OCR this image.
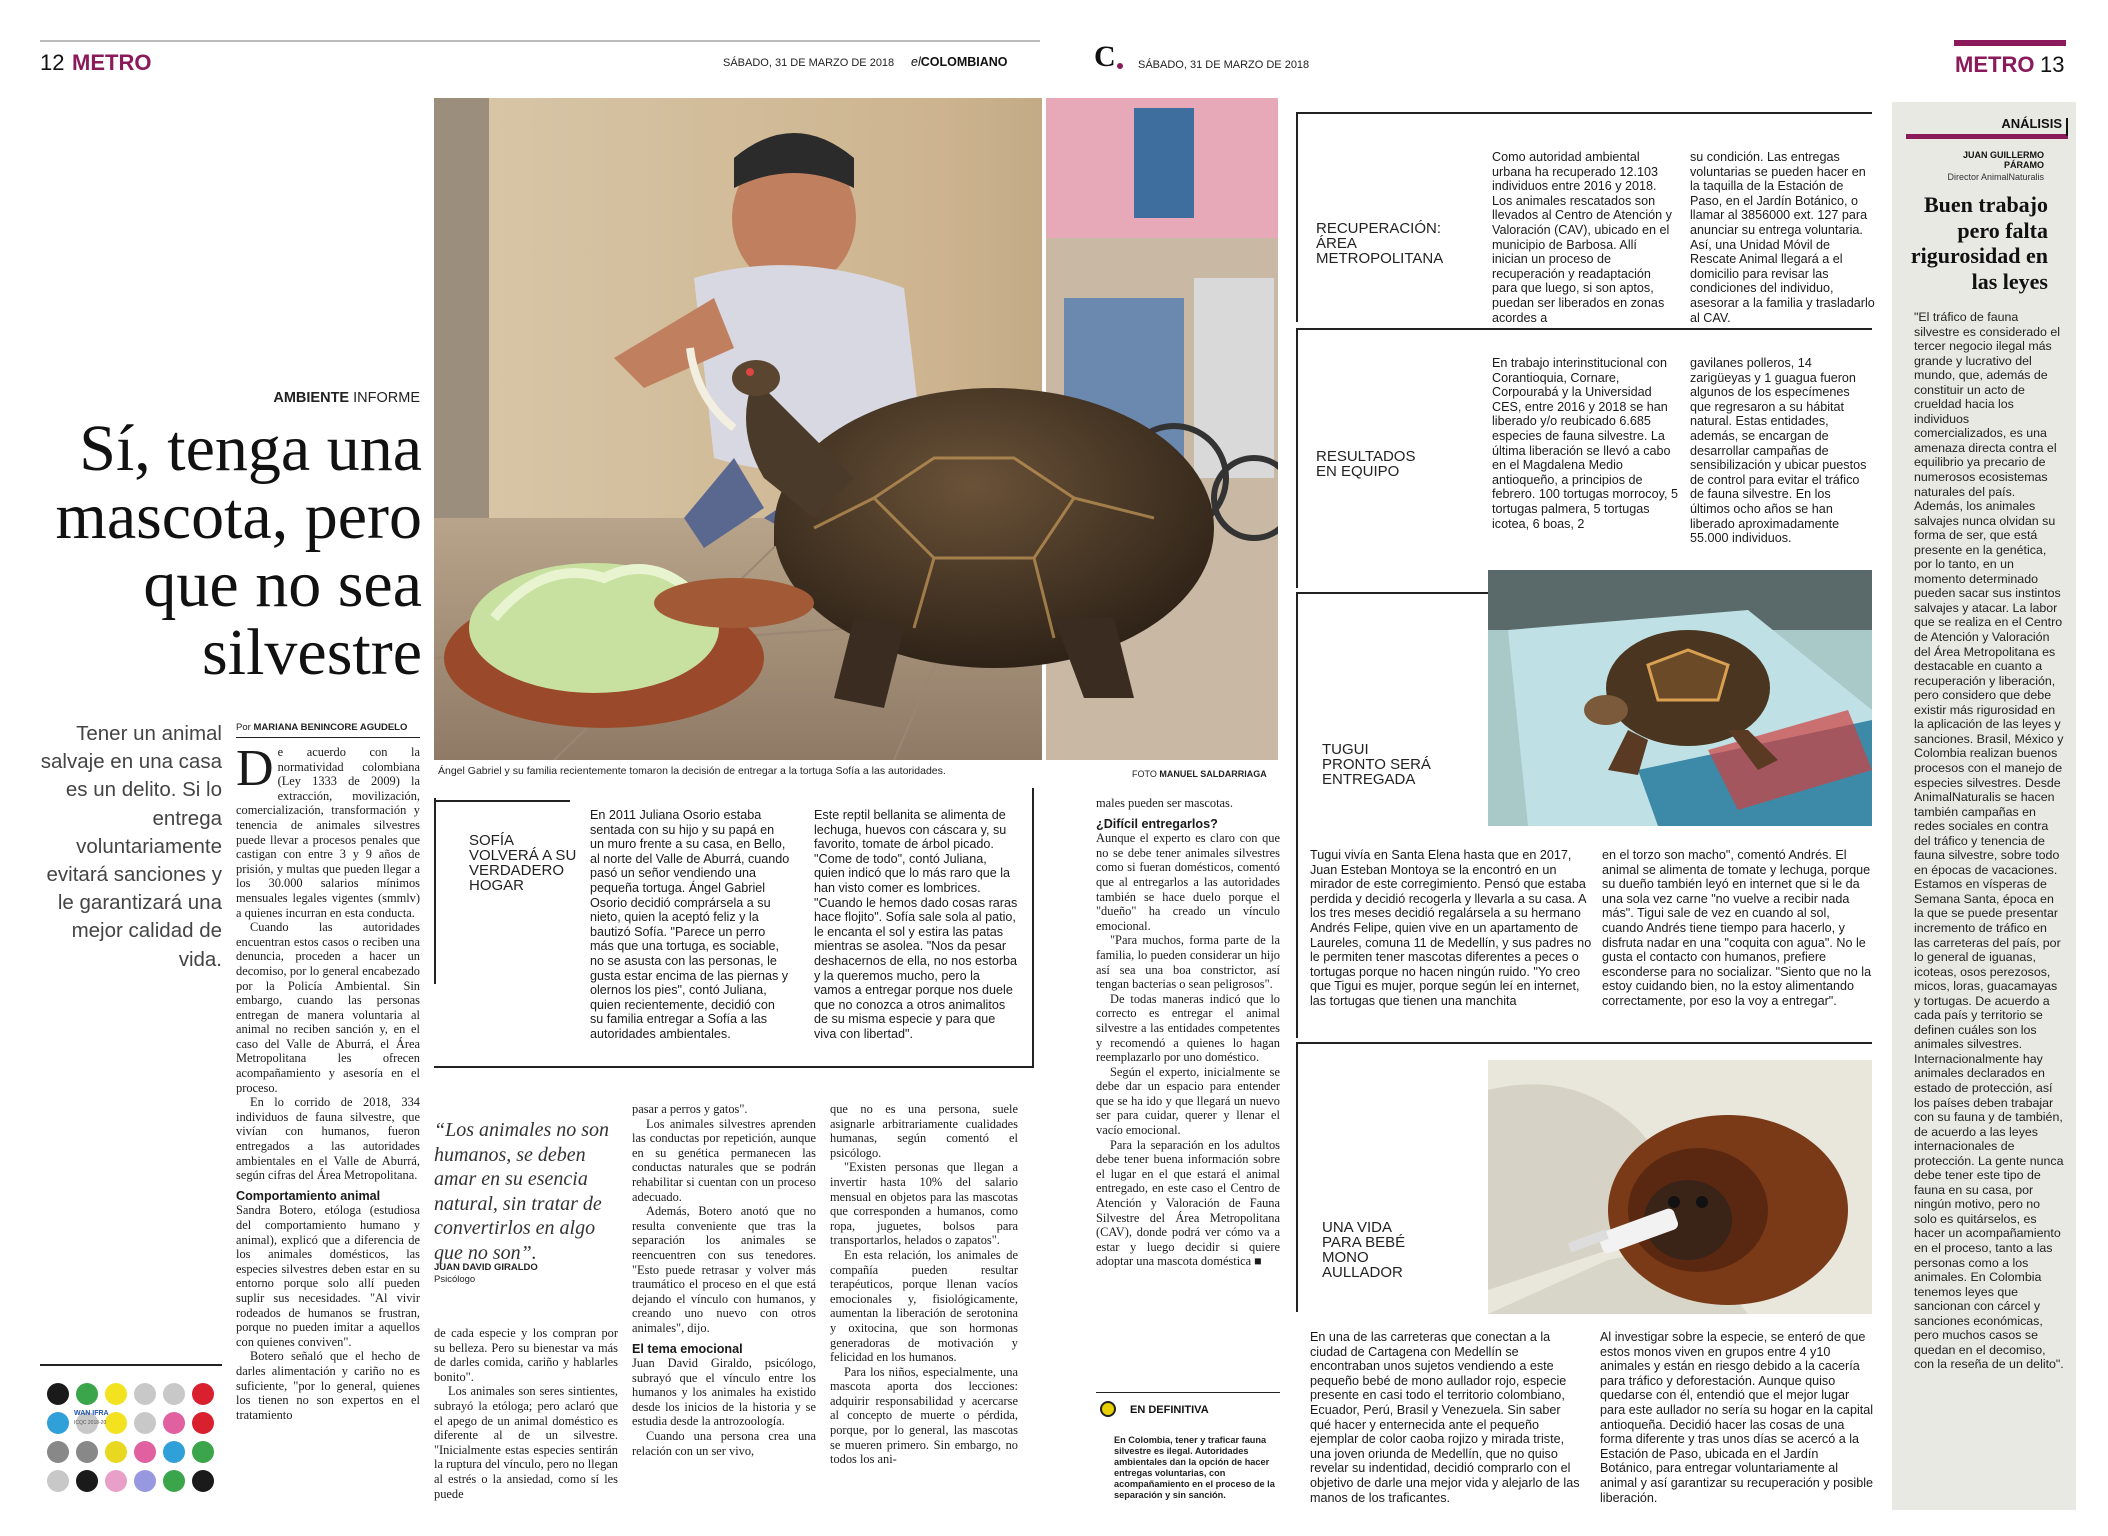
12 METRO	SÁBADO, 31 DE MARZO DE 2018 elCOLOMBIANO	C SÁBADO, 31 DE MARZO DE 2018	METRO 13
AMBIENTE INFORME
Sí, tenga una mascota, pero que no sea silvestre
Tener un animal salvaje en una casa es un delito. Si lo entrega voluntariamente evitará sanciones y le garantizará una mejor calidad de vida.
WAN IFRA
ICQC 2018-20
Ángel Gabriel y su familia recientemente tomaron la decisión de entregar a la tortuga Sofía a las autoridades.	FOTO MANUEL SALDARRIAGA
Por MARIANA BENINCORE AGUDELO
D e acuerdo con la normatividad colombiana (Ley 1333 de 2009) la extracción, movilización, comercialización, transformación y tenencia de animales silvestres puede llevar a procesos penales que castigan con entre 3 y 9 años de prisión, y multas que pueden llegar a los 30.000 salarios mínimos mensuales legales vigentes (smmlv) a quienes incurran en esta conducta.

Cuando las autoridades encuentran estos casos o reciben una denuncia, proceden a hacer un decomiso, por lo general encabezado por la Policía Ambiental. Sin embargo, cuando las personas entregan de manera voluntaria al animal no reciben sanción y, en el caso del Valle de Aburrá, el Área Metropolitana les ofrecen acompañamiento y asesoría en el proceso.

En lo corrido de 2018, 334 individuos de fauna silvestre, que vivían con humanos, fueron entregados a las autoridades ambientales en el Valle de Aburrá, según cifras del Área Metropolitana.

Comportamiento animal

Sandra Botero, etóloga (estudiosa del comportamiento humano y animal), explicó que a diferencia de los animales domésticos, las especies silvestres deben estar en su entorno porque solo allí pueden suplir sus necesidades. "Al vivir rodeados de humanos se frustran, porque no pueden imitar a aquellos con quienes conviven".

Botero señaló que el hecho de darles alimentación y cariño no es suficiente, "por lo general, quienes los tienen no son expertos en el tratamiento

SOFÍA VOLVERÁ A SU VERDADERO HOGAR
En 2011 Juliana Osorio estaba sentada con su hijo y su papá en un muro frente a su casa, en Bello, al norte del Valle de Aburrá, cuando pasó un señor vendiendo una pequeña tortuga. Ángel Gabriel Osorio decidió comprársela a su nieto, quien la aceptó feliz y la bautizó Sofía. "Parece un perro más que una tortuga, es sociable, no se asusta con las personas, le gusta estar encima de las piernas y olernos los pies", contó Juliana, quien recientemente, decidió con su familia entregar a Sofía a las autoridades ambientales.
Este reptil bellanita se alimenta de lechuga, huevos con cáscara y, su favorito, tomate de árbol picado. "Come de todo", contó Juliana, quien indicó que lo más raro que la han visto comer es lombrices. "Cuando le hemos dado cosas raras hace flojito". Sofía sale sola al patio, le encanta el sol y estira las patas mientras se asolea. "Nos da pesar deshacernos de ella, no nos estorba y la queremos mucho, pero la vamos a entregar porque nos duele que no conozca a otros animalitos de su misma especie y para que viva con libertad".
“Los animales no son humanos, se deben amar en su esencia natural, sin tratar de convertirlos en algo que no son”.
JUAN DAVID GIRALDO
Psicólogo

de cada especie y los compran por su belleza. Pero su bienestar va más de darles comida, cariño y hablarles bonito".

Los animales son seres sintientes, subrayó la etóloga; pero aclaró que el apego de un animal doméstico es diferente al de un silvestre. "Inicialmente estas especies sentirán la ruptura del vínculo, pero no llegan al estrés o la ansiedad, como sí les puede

pasar a perros y gatos".

Los animales silvestres aprenden las conductas por repetición, aunque en su genética permanecen las conductas naturales que se podrán rehabilitar si cuentan con un proceso adecuado.

Además, Botero anotó que no resulta conveniente que tras la separación los animales se reencuentren con sus tenedores. "Esto puede retrasar y volver más traumático el proceso en el que está dejando el vínculo con humanos, y creando uno nuevo con otros animales", dijo.

El tema emocional

Juan David Giraldo, psicólogo, subrayó que el vínculo entre los humanos y los animales ha existido desde los inicios de la historia y se estudia desde la antrozoología.

Cuando una persona crea una relación con un ser vivo,

que no es una persona, suele asignarle arbitrariamente cualidades humanas, según comentó el psicólogo.

"Existen personas que llegan a invertir hasta 10% del salario mensual en objetos para las mascotas que corresponden a humanos, como ropa, juguetes, bolsos para transportarlos, helados o zapatos".

En esta relación, los animales de compañía pueden resultar terapéuticos, porque llenan vacíos emocionales y, fisiológicamente, aumentan la liberación de serotonina y oxitocina, que son hormonas generadoras de motivación y felicidad en los humanos.

Para los niños, especialmente, una mascota aporta dos lecciones: adquirir responsabilidad y acercarse al concepto de muerte o pérdida, porque, por lo general, las mascotas se mueren primero. Sin embargo, no todos los ani-

males pueden ser mascotas.

¿Difícil entregarlos?

Aunque el experto es claro con que no se debe tener animales silvestres como si fueran domésticos, comentó que al entregarlos a las autoridades también se hace duelo porque el "dueño" ha creado un vínculo emocional.

"Para muchos, forma parte de la familia, lo pueden considerar un hijo así sea una boa constrictor, así tengan bacterias o sean peligrosos".

De todas maneras indicó que lo correcto es entregar el animal silvestre a las entidades competentes y recomendó a quienes lo hagan reemplazarlo por uno doméstico.

Según el experto, inicialmente se debe dar un espacio para entender que se ha ido y que llegará un nuevo ser para cuidar, querer y llenar el vacío emocional.

Para la separación en los adultos debe tener buena información sobre el lugar en el que estará el animal entregado, en este caso el Centro de Atención y Valoración de Fauna Silvestre del Área Metropolitana (CAV), donde podrá ver cómo va a estar y luego decidir si quiere adoptar una mascota doméstica ■

EN DEFINITIVA
En Colombia, tener y traficar fauna silvestre es ilegal. Autoridades ambientales dan la opción de hacer entregas voluntarias, con acompañamiento en el proceso de la separación y sin sanción.
RECUPERACIÓN: ÁREA METROPOLITANA
Como autoridad ambiental urbana ha recuperado 12.103 individuos entre 2016 y 2018. Los animales rescatados son llevados al Centro de Atención y Valoración (CAV), ubicado en el municipio de Barbosa. Allí inician un proceso de recuperación y readaptación para que luego, si son aptos, puedan ser liberados en zonas acordes a
su condición. Las entregas voluntarias se pueden hacer en la taquilla de la Estación de Paso, en el Jardín Botánico, o llamar al 3856000 ext. 127 para anunciar su entrega voluntaria. Así, una Unidad Móvil de Rescate Animal llegará a el domicilio para revisar las condiciones del individuo, asesorar a la familia y trasladarlo al CAV.
RESULTADOS EN EQUIPO
En trabajo interinstitucional con Corantioquia, Cornare, Corpourabá y la Universidad CES, entre 2016 y 2018 se han liberado y/o reubicado 6.685 especies de fauna silvestre. La última liberación se llevó a cabo en el Magdalena Medio antioqueño, a principios de febrero. 100 tortugas morrocoy, 5 tortugas palmera, 5 tortugas icotea, 6 boas, 2
gavilanes polleros, 14 zarigüeyas y 1 guagua fueron algunos de los especímenes que regresaron a su hábitat natural. Estas entidades, además, se encargan de desarrollar campañas de sensibilización y ubicar puestos de control para evitar el tráfico de fauna silvestre. En los últimos ocho años se han liberado aproximadamente 55.000 individuos.
TUGUI PRONTO SERÁ ENTREGADA
Tugui vivía en Santa Elena hasta que en 2017, Juan Esteban Montoya se la encontró en un mirador de este corregimiento. Pensó que estaba perdida y decidió recogerla y llevarla a su casa. A los tres meses decidió regalársela a su hermano Andrés Felipe, quien vive en un apartamento de Laureles, comuna 11 de Medellín, y sus padres no le permiten tener mascotas diferentes a peces o tortugas porque no hacen ningún ruido. "Yo creo que Tigui es mujer, porque según leí en internet, las tortugas que tienen una manchita
en el torzo son macho", comentó Andrés. El animal se alimenta de tomate y lechuga, porque su dueño también leyó en internet que si le da una sola vez carne "no vuelve a recibir nada más". Tigui sale de vez en cuando al sol, cuando Andrés tiene tiempo para hacerlo, y disfruta nadar en una "coquita con agua". No le gusta el contacto con humanos, prefiere esconderse para no socializar. "Siento que no la estoy cuidando bien, no la estoy alimentando correctamente, por eso la voy a entregar".
UNA VIDA PARA BEBÉ MONO AULLADOR
En una de las carreteras que conectan a la ciudad de Cartagena con Medellín se encontraban unos sujetos vendiendo a este pequeño bebé de mono aullador rojo, especie presente en casi todo el territorio colombiano, Ecuador, Perú, Brasil y Venezuela. Sin saber qué hacer y enternecida ante el pequeño ejemplar de color caoba rojizo y mirada triste, una joven oriunda de Medellín, que no quiso revelar su indentidad, decidió comprarlo con el objetivo de darle una mejor vida y alejarlo de las manos de los traficantes.
Al investigar sobre la especie, se enteró de que estos monos viven en grupos entre 4 y10 animales y están en riesgo debido a la cacería para tráfico y deforestación. Aunque quiso quedarse con él, entendió que el mejor lugar para este aullador no sería su hogar en la capital antioqueña. Decidió hacer las cosas de una forma diferente y tras unos días se acercó a la Estación de Paso, ubicada en el Jardín Botánico, para entregar voluntariamente al animal y así garantizar su recuperación y posible liberación.
ANÁLISIS
JUAN GUILLERMO PÁRAMO
Director AnimalNaturalis
Buen trabajo pero falta rigurosidad en las leyes
"El tráfico de fauna silvestre es considerado el tercer negocio ilegal más grande y lucrativo del mundo, que, además de constituir un acto de crueldad hacia los individuos comercializados, es una amenaza directa contra el equilibrio ya precario de numerosos ecosistemas naturales del país. Además, los animales salvajes nunca olvidan su forma de ser, que está presente en la genética, por lo tanto, en un momento determinado pueden sacar sus instintos salvajes y atacar. La labor que se realiza en el Centro de Atención y Valoración del Área Metropolitana es destacable en cuanto a recuperación y liberación, pero considero que debe existir más rigurosidad en la aplicación de las leyes y sanciones. Brasil, México y Colombia realizan buenos procesos con el manejo de especies silvestres. Desde AnimalNaturalis se hacen también campañas en redes sociales en contra del tráfico y tenencia de fauna silvestre, sobre todo en épocas de vacaciones. Estamos en vísperas de Semana Santa, época en la que se puede presentar incremento de tráfico en las carreteras del país, por lo general de iguanas, icoteas, osos perezosos, micos, loras, guacamayas y tortugas. De acuerdo a cada país y territorio se definen cuáles son los animales silvestres. Internacionalmente hay animales declarados en estado de protección, así los países deben trabajar con su fauna y de también, de acuerdo a las leyes internacionales de protección. La gente nunca debe tener este tipo de fauna en su casa, por ningún motivo, pero no solo es quitárselos, es hacer un acompañamiento en el proceso, tanto a las personas como a los animales. En Colombia tenemos leyes que sancionan con cárcel y sanciones económicas, pero muchos casos se quedan en el decomiso, con la reseña de un delito".
